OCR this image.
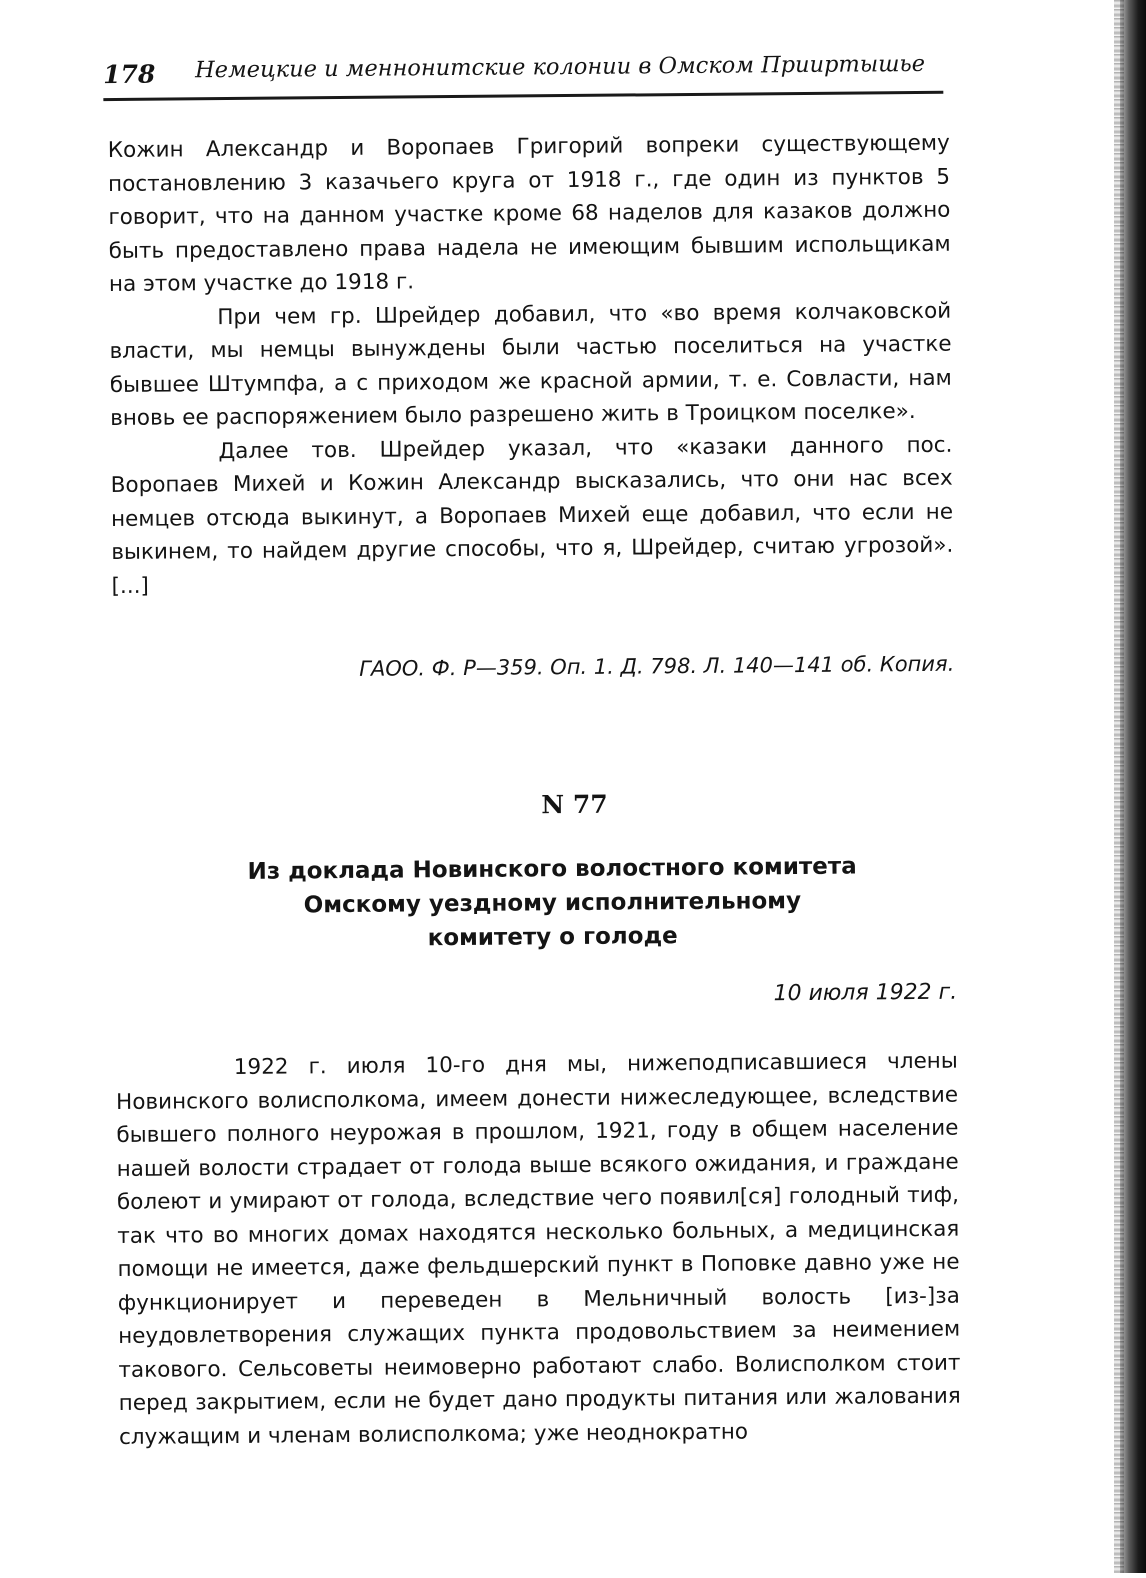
178 Немецкие и меннонитские колонии в Омском Прииртышье

Кожин Александр и Воропаев Григорий вопреки существующему постановлению 3 казачьего круга от 1918 г., где один из пунктов 5 говорит, что на данном участке кроме 68 наделов для казаков должно быть предоставлено права надела не имеющим бывшим испольщикам на этом участке до 1918 г.

При чем гр. Шрейдер добавил, что «во время колчаковской власти, мы немцы вынуждены были частью поселиться на участке бывшее Штумпфа, а с приходом же красной армии, т. е. Совласти, нам вновь ее распоряжением было разрешено жить в Троицком поселке».

Далее тов. Шрейдер указал, что «казаки данного пос. Воропаев Михей и Кожин Александр высказались, что они нас всех немцев отсюда выкинут, а Воропаев Михей еще добавил, что если не выкинем, то найдем другие способы, что я, Шрейдер, считаю угрозой». [...]

ГАОО. Ф. Р—359. Оп. 1. Д. 798. Л. 140—141 об. Копия.
N 77
Из доклада Новинского волостного комитета
Омскому уездному исполнительному
комитету о голоде
10 июля 1922 г.

1922 г. июля 10-го дня мы, нижеподписавшиеся члены Новинского волисполкома, имеем донести нижеследующее, вследствие бывшего полного неурожая в прошлом, 1921, году в общем население нашей волости страдает от голода выше всякого ожидания, и граждане болеют и умирают от голода, вследствие чего появил[ся] голодный тиф, так что во многих домах находятся несколько больных, а медицинская помощи не имеется, даже фельдшерский пункт в Поповке давно уже не функционирует и переведен в Мельничный волость [из-]за неудовлетворения служащих пункта продовольствием за неимением такового. Сельсоветы неимоверно работают слабо. Волисполком стоит перед закрытием, если не будет дано продукты питания или жалования служащим и членам волисполкома; уже неоднократно
